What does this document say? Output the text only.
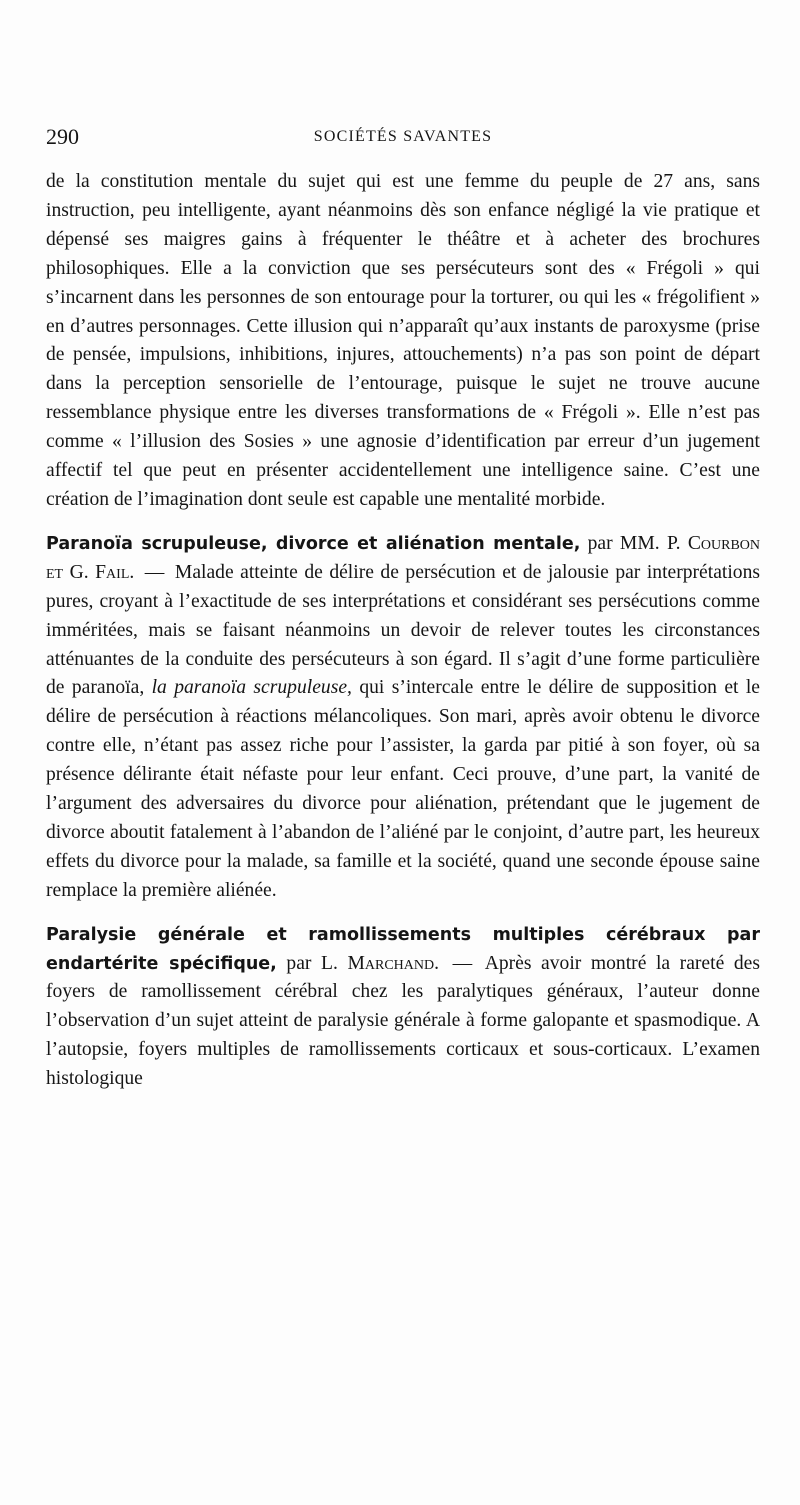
290	SOCIÉTÉS SAVANTES

de la constitution mentale du sujet qui est une femme du peuple de 27 ans, sans instruction, peu intelligente, ayant néanmoins dès son enfance négligé la vie pratique et dépensé ses maigres gains à fréquenter le théâtre et à acheter des brochures philosophiques. Elle a la conviction que ses persécuteurs sont des « Frégoli » qui s’incarnent dans les personnes de son entourage pour la torturer, ou qui les « frégolifient » en d’autres personnages. Cette illusion qui n’apparaît qu’aux instants de paroxysme (prise de pensée, impulsions, inhibitions, injures, attouchements) n’a pas son point de départ dans la perception sensorielle de l’entourage, puisque le sujet ne trouve aucune ressemblance physique entre les diverses transformations de « Frégoli ». Elle n’est pas comme « l’illusion des Sosies » une agnosie d’identification par erreur d’un jugement affectif tel que peut en présenter accidentellement une intelligence saine. C’est une création de l’imagination dont seule est capable une mentalité morbide.

Paranoïa scrupuleuse, divorce et aliénation mentale, par MM. P. Courbon et G. Fail. — Malade atteinte de délire de persécution et de jalousie par interprétations pures, croyant à l’exactitude de ses interprétations et considérant ses persécutions comme imméritées, mais se faisant néanmoins un devoir de relever toutes les circonstances atténuantes de la conduite des persécuteurs à son égard. Il s’agit d’une forme particulière de paranoïa, la paranoïa scrupuleuse, qui s’intercale entre le délire de supposition et le délire de persécution à réactions mélancoliques. Son mari, après avoir obtenu le divorce contre elle, n’étant pas assez riche pour l’assister, la garda par pitié à son foyer, où sa présence délirante était néfaste pour leur enfant. Ceci prouve, d’une part, la vanité de l’argument des adversaires du divorce pour aliénation, prétendant que le jugement de divorce aboutit fatalement à l’abandon de l’aliéné par le conjoint, d’autre part, les heureux effets du divorce pour la malade, sa famille et la société, quand une seconde épouse saine remplace la première aliénée.

Paralysie générale et ramollissements multiples cérébraux par endartérite spécifique, par L. Marchand. — Après avoir montré la rareté des foyers de ramollissement cérébral chez les paralytiques généraux, l’auteur donne l’observation d’un sujet atteint de paralysie générale à forme galopante et spasmodique. A l’autopsie, foyers multiples de ramollissements corticaux et sous-corticaux. L’examen histologique
